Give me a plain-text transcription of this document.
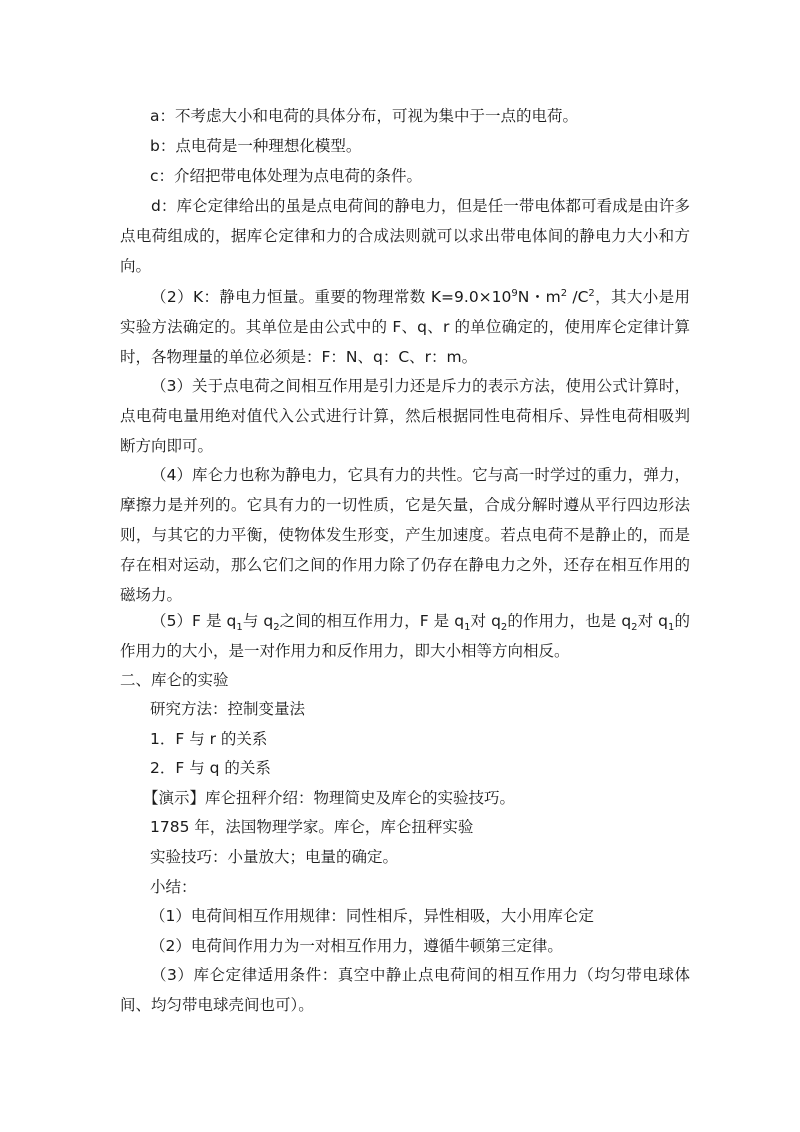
a：不考虑大小和电荷的具体分布，可视为集中于一点的电荷。

b：点电荷是一种理想化模型。

c：介绍把带电体处理为点电荷的条件。

d：库仑定律给出的虽是点电荷间的静电力，但是任一带电体都可看成是由许多点电荷组成的，据库仑定律和力的合成法则就可以求出带电体间的静电力大小和方向。

（2）K：静电力恒量。重要的物理常数 $K=9.0\times 10^9N$・$m^2$ $/C^2$，其大小是用实验方法确定的。其单位是由公式中的 F、q、r 的单位确定的，使用库仑定律计算时，各物理量的单位必须是：F：N、q：C、r：m。

（3）关于点电荷之间相互作用是引力还是斥力的表示方法，使用公式计算时，点电荷电量用绝对值代入公式进行计算，然后根据同性电荷相斥、异性电荷相吸判断方向即可。

（4）库仑力也称为静电力，它具有力的共性。它与高一时学过的重力，弹力，摩擦力是并列的。它具有力的一切性质，它是矢量，合成分解时遵从平行四边形法则，与其它的力平衡，使物体发生形变，产生加速度。若点电荷不是静止的，而是存在相对运动，那么它们之间的作用力除了仍存在静电力之外，还存在相互作用的磁场力。

（5）F 是 $q_1$与 $q_2$之间的相互作用力，F 是 $q_1$对 $q_2$的作用力，也是 $q_2$对 $q_1$的作用力的大小，是一对作用力和反作用力，即大小相等方向相反。

二、库仑的实验

研究方法：控制变量法

1．F 与 r 的关系

2．F 与 q 的关系

【演示】库仑扭秤介绍：物理简史及库仑的实验技巧。

1785 年，法国物理学家。库仑，库仑扭秤实验

实验技巧：小量放大；电量的确定。

小结：

（1）电荷间相互作用规律：同性相斥，异性相吸，大小用库仑定

（2）电荷间作用力为一对相互作用力，遵循牛顿第三定律。

（3）库仑定律适用条件：真空中静止点电荷间的相互作用力（均匀带电球体间、均匀带电球壳间也可）。
